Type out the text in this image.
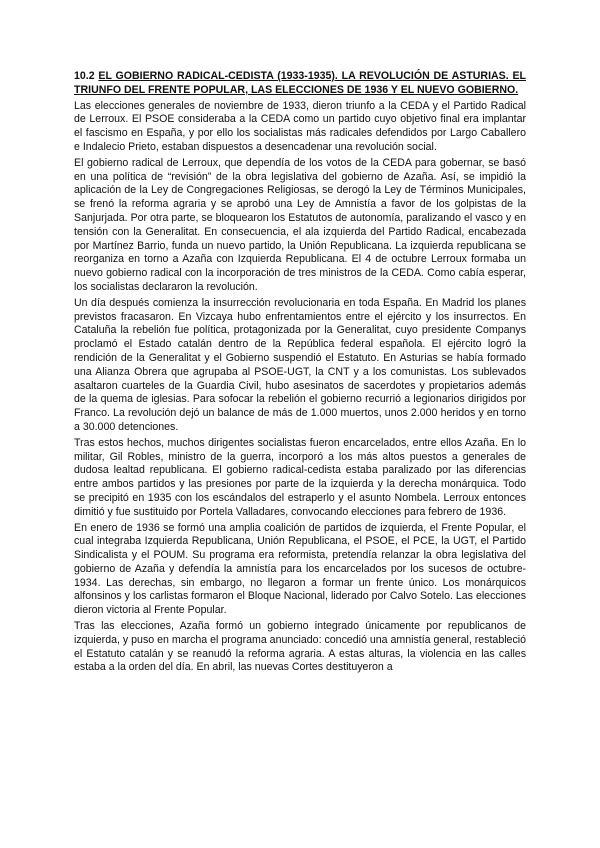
10.2 EL GOBIERNO RADICAL-CEDISTA (1933-1935). LA REVOLUCIÓN DE ASTURIAS. EL TRIUNFO DEL FRENTE POPULAR, LAS ELECCIONES DE 1936 Y EL NUEVO GOBIERNO.

Las elecciones generales de noviembre de 1933, dieron triunfo a la CEDA y el Partido Radical de Lerroux. El PSOE consideraba a la CEDA como un partido cuyo objetivo final era implantar el fascismo en España, y por ello los socialistas más radicales defendidos por Largo Caballero e Indalecio Prieto, estaban dispuestos a desencadenar una revolución social.

El gobierno radical de Lerroux, que dependía de los votos de la CEDA para gobernar, se basó en una política de “revisión” de la obra legislativa del gobierno de Azaña. Así, se impidió la aplicación de la Ley de Congregaciones Religiosas, se derogó la Ley de Términos Municipales, se frenó la reforma agraria y se aprobó una Ley de Amnistía a favor de los golpistas de la Sanjurjada. Por otra parte, se bloquearon los Estatutos de autonomía, paralizando el vasco y en tensión con la Generalitat. En consecuencia, el ala izquierda del Partido Radical, encabezada por Martínez Barrio, funda un nuevo partido, la Unión Republicana. La izquierda republicana se reorganiza en torno a Azaña con Izquierda Republicana. El 4 de octubre Lerroux formaba un nuevo gobierno radical con la incorporación de tres ministros de la CEDA. Como cabía esperar, los socialistas declararon la revolución.

Un día después comienza la insurrección revolucionaria en toda España. En Madrid los planes previstos fracasaron. En Vizcaya hubo enfrentamientos entre el ejército y los insurrectos. En Cataluña la rebelión fue política, protagonizada por la Generalitat, cuyo presidente Companys proclamó el Estado catalán dentro de la República federal española. El ejército logró la rendición de la Generalitat y el Gobierno suspendió el Estatuto. En Asturias se había formado una Alianza Obrera que agrupaba al PSOE-UGT, la CNT y a los comunistas. Los sublevados asaltaron cuarteles de la Guardia Civil, hubo asesinatos de sacerdotes y propietarios además de la quema de iglesias. Para sofocar la rebelión el gobierno recurrió a legionarios dirigidos por Franco. La revolución dejó un balance de más de 1.000 muertos, unos 2.000 heridos y en torno a 30.000 detenciones.

Tras estos hechos, muchos dirigentes socialistas fueron encarcelados, entre ellos Azaña. En lo militar, Gil Robles, ministro de la guerra, incorporó a los más altos puestos a generales de dudosa lealtad republicana. El gobierno radical-cedista estaba paralizado por las diferencias entre ambos partidos y las presiones por parte de la izquierda y la derecha monárquica. Todo se precipitó en 1935 con los escándalos del estraperlo y el asunto Nombela. Lerroux entonces dimitió y fue sustituido por Portela Valladares, convocando elecciones para febrero de 1936.

En enero de 1936 se formó una amplia coalición de partidos de izquierda, el Frente Popular, el cual integraba Izquierda Republicana, Unión Republicana, el PSOE, el PCE, la UGT, el Partido Sindicalista y el POUM. Su programa era reformista, pretendía relanzar la obra legislativa del gobierno de Azaña y defendía la amnistía para los encarcelados por los sucesos de octubre-1934. Las derechas, sin embargo, no llegaron a formar un frente único. Los monárquicos alfonsinos y los carlistas formaron el Bloque Nacional, liderado por Calvo Sotelo. Las elecciones dieron victoria al Frente Popular.

Tras las elecciones, Azaña formó un gobierno integrado únicamente por republicanos de izquierda, y puso en marcha el programa anunciado: concedió una amnistía general, restableció el Estatuto catalán y se reanudó la reforma agraria. A estas alturas, la violencia en las calles estaba a la orden del día. En abril, las nuevas Cortes destituyeron a
